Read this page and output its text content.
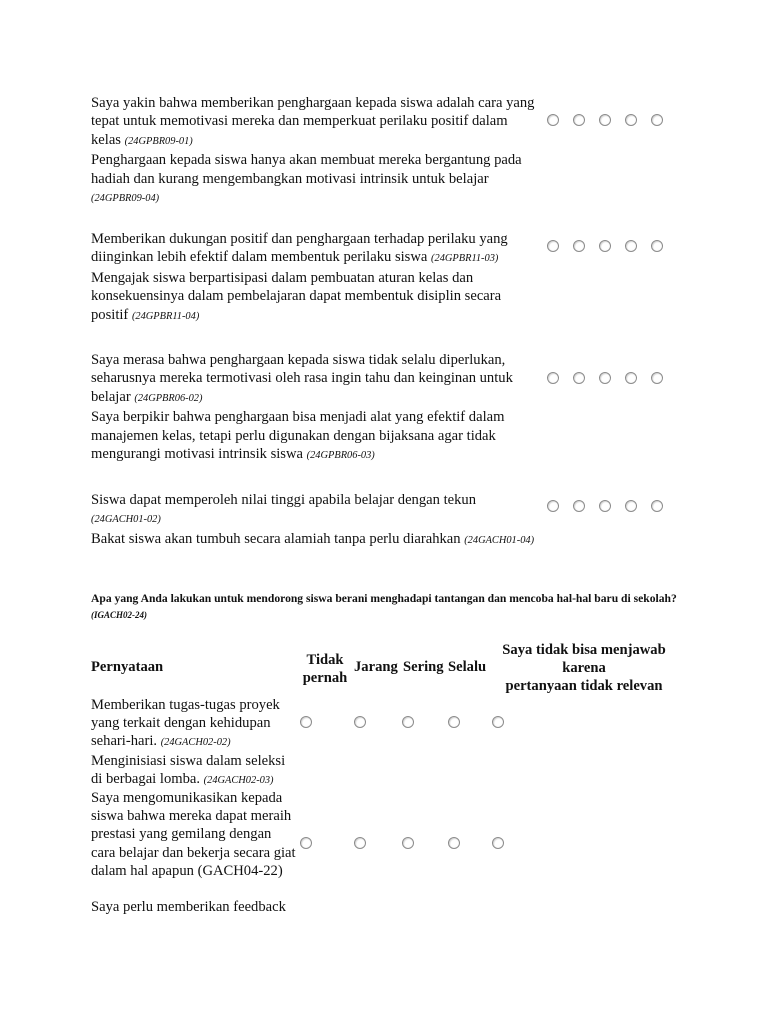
Saya yakin bahwa memberikan penghargaan kepada siswa adalah cara yang tepat untuk memotivasi mereka dan memperkuat perilaku positif dalam kelas (24GPBR09-01)
Penghargaan kepada siswa hanya akan membuat mereka bergantung pada hadiah dan kurang mengembangkan motivasi intrinsik untuk belajar
(24GPBR09-04)
Memberikan dukungan positif dan penghargaan terhadap perilaku yang diinginkan lebih efektif dalam membentuk perilaku siswa (24GPBR11-03)
Mengajak siswa berpartisipasi dalam pembuatan aturan kelas dan konsekuensinya dalam pembelajaran dapat membentuk disiplin secara positif (24GPBR11-04)
Saya merasa bahwa penghargaan kepada siswa tidak selalu diperlukan, seharusnya mereka termotivasi oleh rasa ingin tahu dan keinginan untuk belajar (24GPBR06-02)
Saya berpikir bahwa penghargaan bisa menjadi alat yang efektif dalam manajemen kelas, tetapi perlu digunakan dengan bijaksana agar tidak mengurangi motivasi intrinsik siswa (24GPBR06-03)
Siswa dapat memperoleh nilai tinggi apabila belajar dengan tekun
(24GACH01-02)
Bakat siswa akan tumbuh secara alamiah tanpa perlu diarahkan (24GACH01-04)
Apa yang Anda lakukan untuk mendorong siswa berani menghadapi tantangan dan mencoba hal-hal baru di sekolah? (IGACH02-24)
Pernyataan	Tidak pernah
Jarang Sering Selalu
Saya tidak bisa menjawab karena
pertanyaan tidak relevan
Memberikan tugas-tugas proyek yang terkait dengan kehidupan sehari-hari. (24GACH02-02)
Menginisiasi siswa dalam seleksi di berbagai lomba. (24GACH02-03)
Saya mengomunikasikan kepada siswa bahwa mereka dapat meraih prestasi yang gemilang dengan cara belajar dan bekerja secara giat dalam hal apapun (GACH04-22)
Saya perlu memberikan feedback
